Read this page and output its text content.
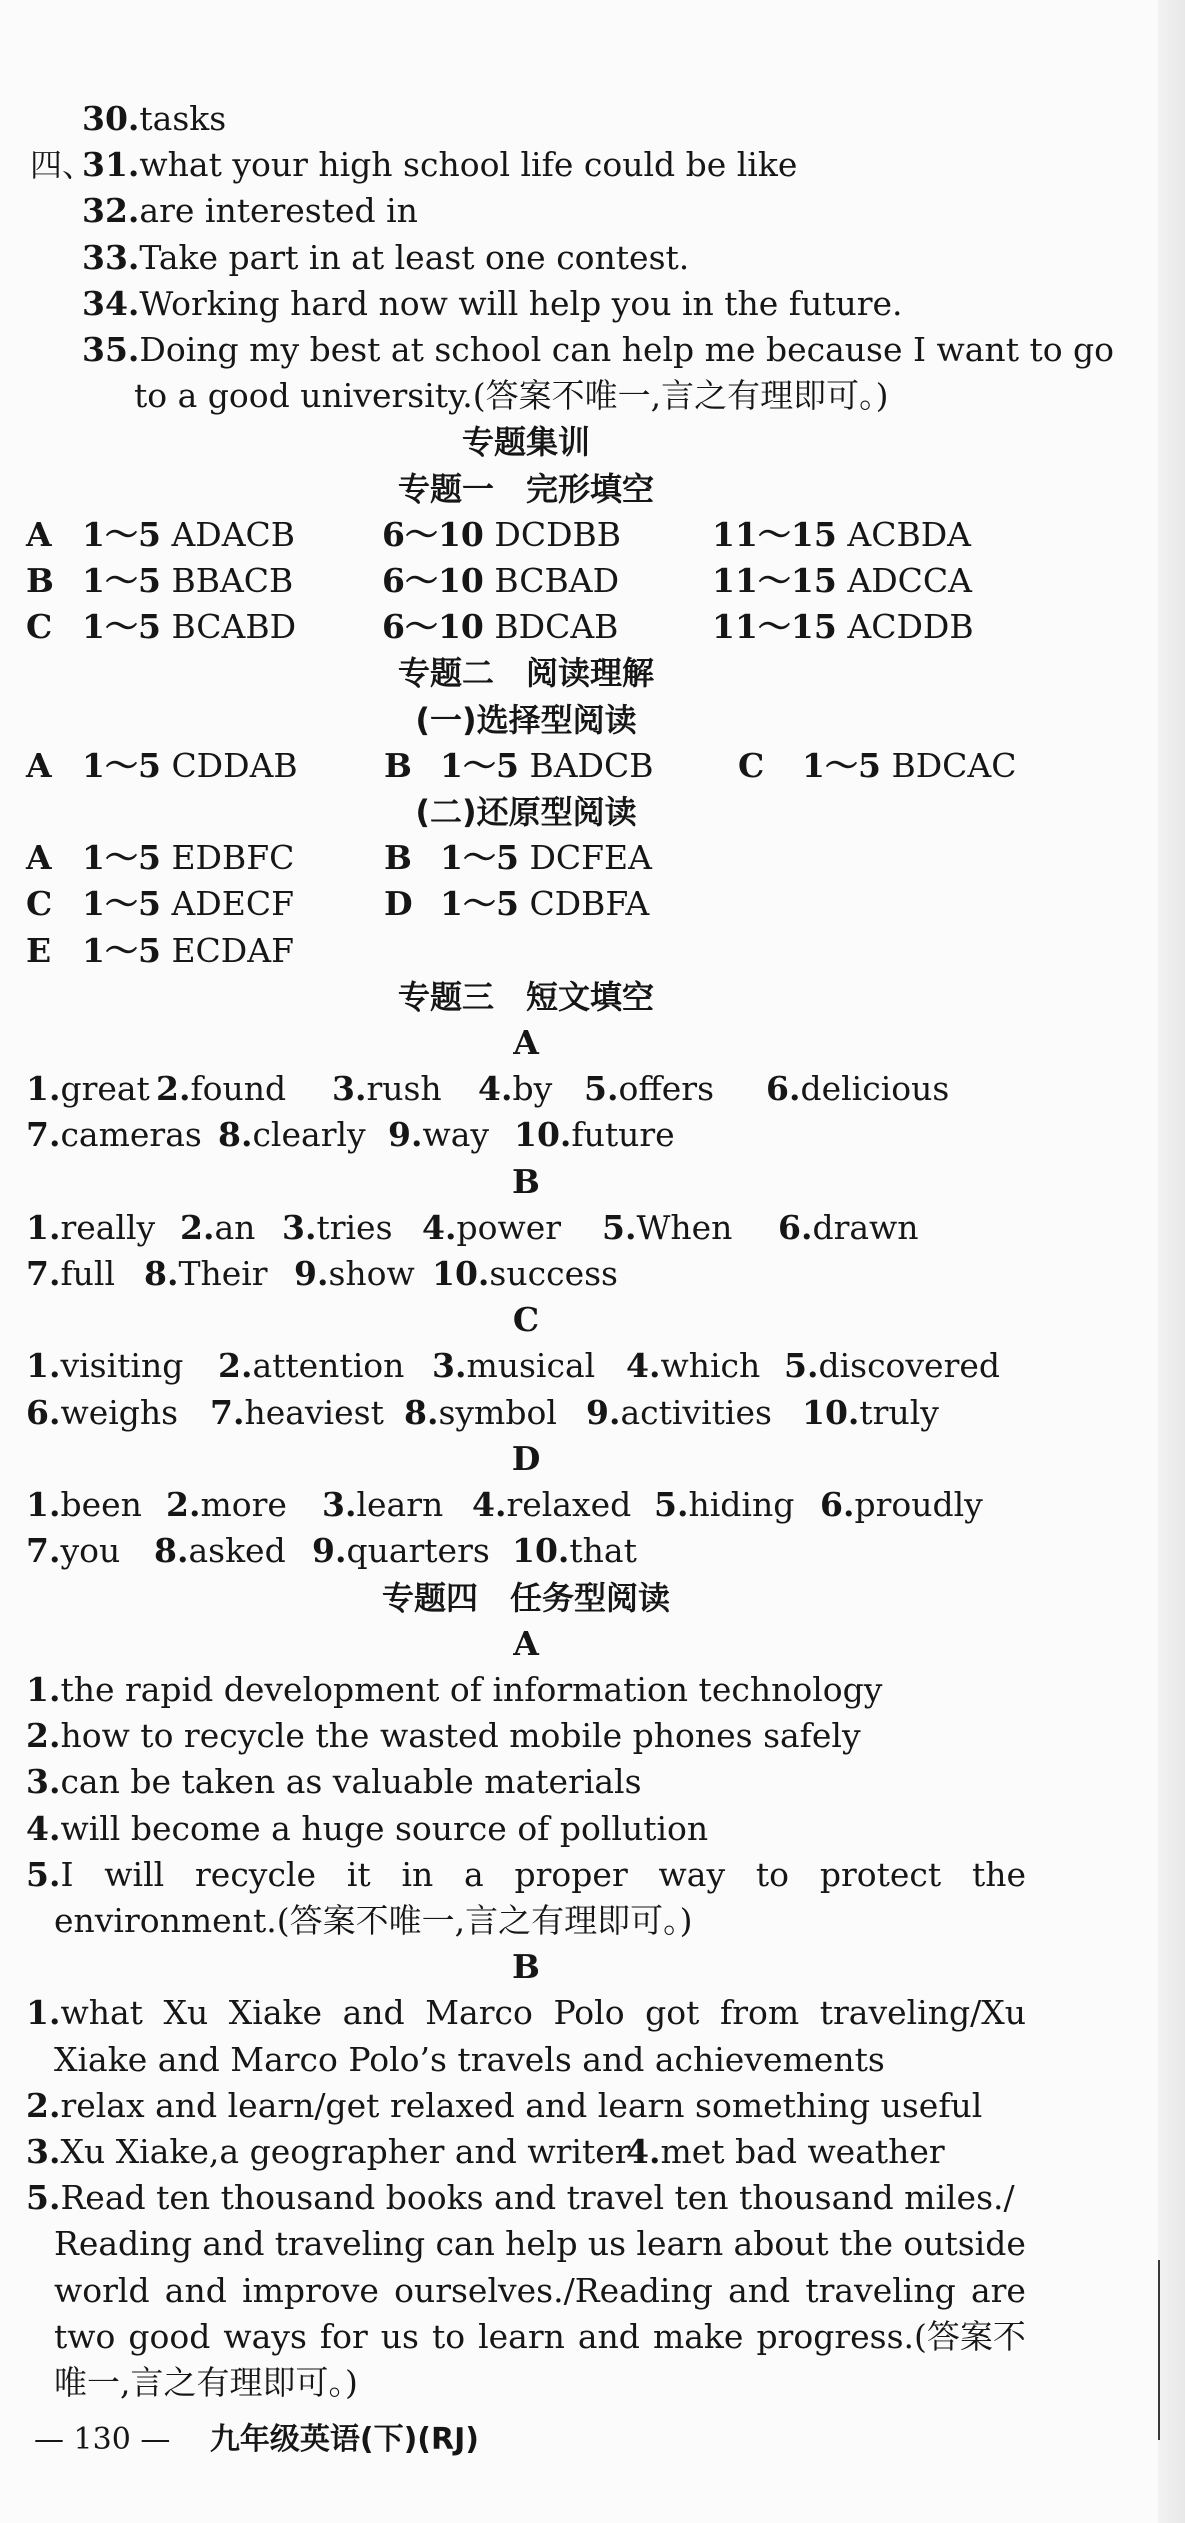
30.tasks
四、31.what your high school life could be like
32.are interested in
33.Take part in at least one contest.
34.Working hard now will help you in the future.
35.Doing my best at school can help me because I want to go
to a good university.(答案不唯一,言之有理即可。)
专题集训
专题一　完形填空
A 1～5 ADACB	6～10 DCDBB	11～15 ACBDA
B 1～5 BBACB	6～10 BCBAD	11～15 ADCCA
C 1～5 BCABD	6～10 BDCAB	11～15 ACDDB
专题二　阅读理解
(一)选择型阅读
A 1～5 CDDAB	B 1～5 BADCB	C 1～5 BDCAC
(二)还原型阅读
A 1～5 EDBFC	B 1～5 DCFEA
C 1～5 ADECF	D 1～5 CDBFA
E 1～5 ECDAF
专题三　短文填空
A
1.great 2.found 3.rush 4.by 5.offers 6.delicious
7.cameras 8.clearly 9.way 10.future
B
1.really 2.an 3.tries 4.power 5.When 6.drawn
7.full 8.Their 9.show 10.success
C
1.visiting 2.attention 3.musical 4.which 5.discovered
6.weighs 7.heaviest 8.symbol 9.activities 10.truly
D
1.been 2.more 3.learn 4.relaxed 5.hiding 6.proudly
7.you 8.asked 9.quarters 10.that
专题四　任务型阅读
A
1.the rapid development of information technology
2.how to recycle the wasted mobile phones safely
3.can be taken as valuable materials
4.will become a huge source of pollution
5.I will recycle it in a proper way to protect the
environment.(答案不唯一,言之有理即可。)
B
1.what Xu Xiake and Marco Polo got from traveling/Xu
Xiake and Marco Polo’s travels and achievements
2.relax and learn/get relaxed and learn something useful
3.Xu Xiake,a geographer and writer4.met bad weather
5.Read ten thousand books and travel ten thousand miles./
Reading and traveling can help us learn about the outside
world and improve ourselves./Reading and traveling are
two good ways for us to learn and make progress.(答案不
唯一,言之有理即可。)
— 130 — 九年级英语(下)(RJ)
